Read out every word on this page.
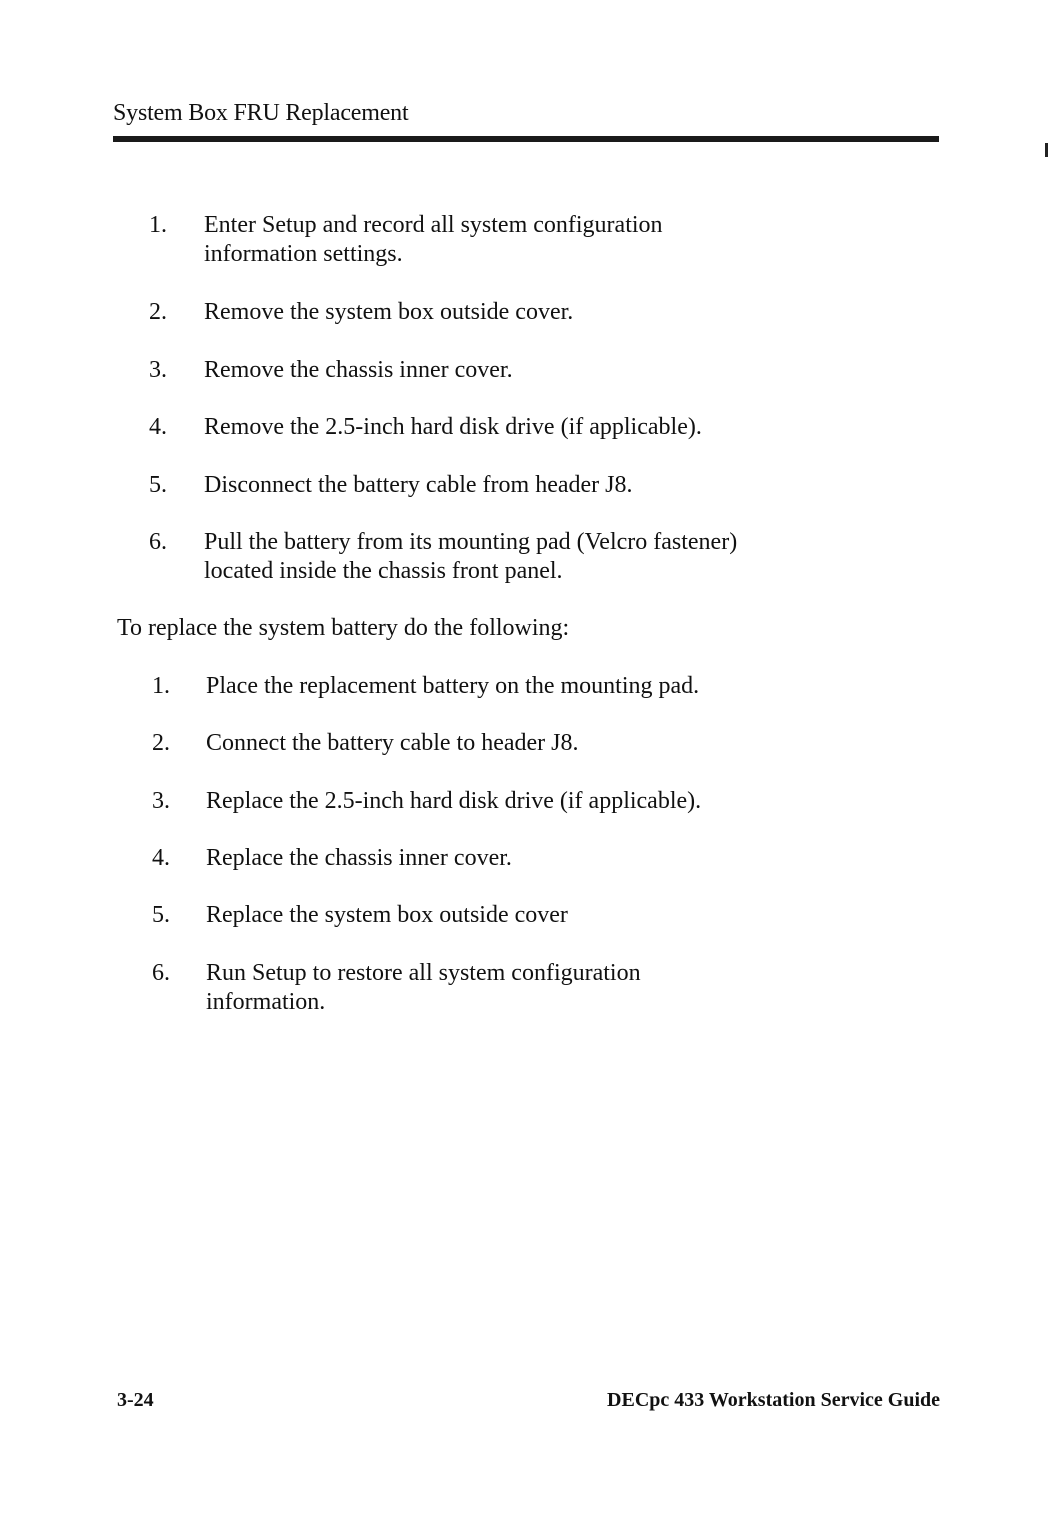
System Box FRU Replacement
1. Enter Setup and record all system configuration information settings.
2. Remove the system box outside cover.
3. Remove the chassis inner cover.
4. Remove the 2.5-inch hard disk drive (if applicable).
5. Disconnect the battery cable from header J8.
6. Pull the battery from its mounting pad (Velcro fastener) located inside the chassis front panel.
To replace the system battery do the following:
1. Place the replacement battery on the mounting pad.
2. Connect the battery cable to header J8.
3. Replace the 2.5-inch hard disk drive (if applicable).
4. Replace the chassis inner cover.
5. Replace the system box outside cover
6. Run Setup to restore all system configuration information.
3-24	DECpc 433 Workstation Service Guide
